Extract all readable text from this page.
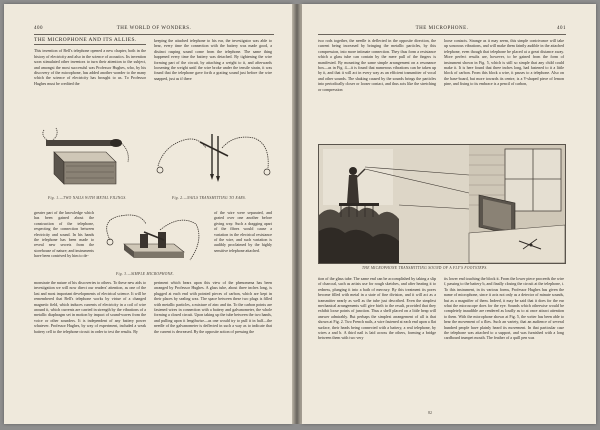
400	THE WORLD OF WONDERS.
THE MICROPHONE AND ITS ALLIES.

This invention of Bell's telephone opened a new chapter, both in the history of electricity and also in the science of acoustics. Its invention soon stimulated other inventors to turn their attention to the subject, and amongst the most successful was Professor Hughes, who, by his discovery of the microphone, has added another wonder to the many which the science of electricity has brought to us. To Professor Hughes must be credited the

keeping the attached telephone to his ear, the investigator was able to hear, every time the connection with the battery was made good, a distinct rasping sound come from the telephone. The same thing happened every time the battery was detached. By tightening the wire forming part of the circuit, by attaching a weight to it, and afterwards loosening the weight until the wire broke under the tensile strain, it was found that the telephone gave forth a grating sound just before the wire snapped, just as if there

Fig. 1.—TWO NAILS WITH METAL FILINGS.	Fig. 2.—NAILS TRANSMITTING TO EARS.

greater part of the knowledge which has been gained about the construction of the telephone, respecting the connection between electricity and sound. In his hands the telephone has been made to reveal new secrets from the storehouse of nature; and instruments have been contrived by him to de-

Fig. 3.—SIMPLE MICROPHONE.

of the wire were separated, and grated over one another before giving way. Such a dragging apart of the fibres would cause a variation in the electrical resistance of the wire, and such variation is audibly proclaimed by the highly sensitive telephone attached.

monstrate the nature of his discoveries to others. To these new aids to investigation we will now direct our readers' attention, as one of the last and most important developments of electrical science. It will be remembered that Bell's telephone works by virtue of a changed magnetic field, which induces currents of electricity in a coil of wire around it, which currents are carried in strength by the vibrations of a metallic diaphragm set in motion by impact of sound-waves from the voice or other sounders. It is independent of any battery power whatever. Professor Hughes, by way of experiment, included a weak battery cell to the telephone circuit in order to test the results. By

periment which bears upon this view of the phenomena has been arranged by Professor Hughes. A glass tube, about three inches long, is plugged at each end with pointed pieces of carbon, which are kept in their places by sealing wax. The space between these two plugs is filled with metallic particles, a mixture of zinc and tin. To the carbon points are fastened wires in connection with a battery and galvanometer, the whole forming a closed circuit. Upon taking up the tube between the two hands, and pulling upon it lengthwise—as one would try to pull it in half—the needle of the galvanometer is deflected in such a way as to indicate that the current is decreased. By the opposite action of pressing the

THE MICROPHONE.	401

two rods together, the needle is deflected in the opposite direction, the current being increased by bringing the metallic particles, by this compression, into more intimate connection. They thus form a resistance which a glass tube can contain by the mere pull of the fingers is manifested. By mounting the same simple arrangement on a resonance box—as in Fig. 4—it is found that numerous vibrations can be taken up by it, and that it will act in every way as an efficient transmitter of vocal and other sounds. The shaking caused by the sounds brings the particles into periodically closer or looser contact, and thus acts like the stretching or compression

loose contacts. Strange as it may seem, this simple contrivance will take up sonorous vibrations, and will make them faintly audible in the attached telephone, even though that telephone be placed at a great distance away. More perfect results are, however, to be gained from the form of instrument shown in Fig. 5, which is still so simple that any child could make it. It is here found that three inches long, had fastened to it a little block of carbon. From this block a wire, it passes to a telephone. Also on the base-board, but more towards its centre, is a V-shaped piece of lemon pine, and fixing to its embrace is a pencil of carbon,

THE MICROPHONE TRANSMITTING SOUND OF A FLY'S FOOTSTEPS.

tion of the glass tube. The same end can be accomplished by taking a slip of charcoal, such as artists use for rough sketches, and after heating it to redness, plunging it into a bath of mercury. By this treatment its pores become filled with metal in a state of fine division, and it will act as a transmitter nearly as well as the tube just described. Even the simplest mechanical arrangements will give birth to the result, provided that they exhibit loose points of junction. Thus a shelf placed on a little heap will answer admirably. But perhaps the simplest arrangement of all is that shown at Fig. 2. Two French nails, a wire fastened at each end upon a flat surface, their heads being connected with a battery, a real telephone, by wires a and b. A third nail is laid across the others, forming a bridge between them with two very

its lower end touching the block it. From the lower piece proceeds the wire f, passing to the battery b, and finally closing the circuit at the telephone, t. To this instrument, in its various forms, Professor Hughes has given the name of microphone, since it acts not only as a detector of minute sounds, but as a magnifier of them. Indeed, it may be said that it does for the ear what the microscope does for the eye. Sounds which otherwise would be completely inaudible are rendered as loudly as to at once attract attention to them. With the microphone shown at Fig. 5, the writer has been able to hear the movement of a flies. Such an variety, that an audience of several hundred people have plainly heard its movement. In that particular case the telephone was attached to a support, and was furnished with a long cardboard trumpet mouth. The feather of a quill pen was

82
